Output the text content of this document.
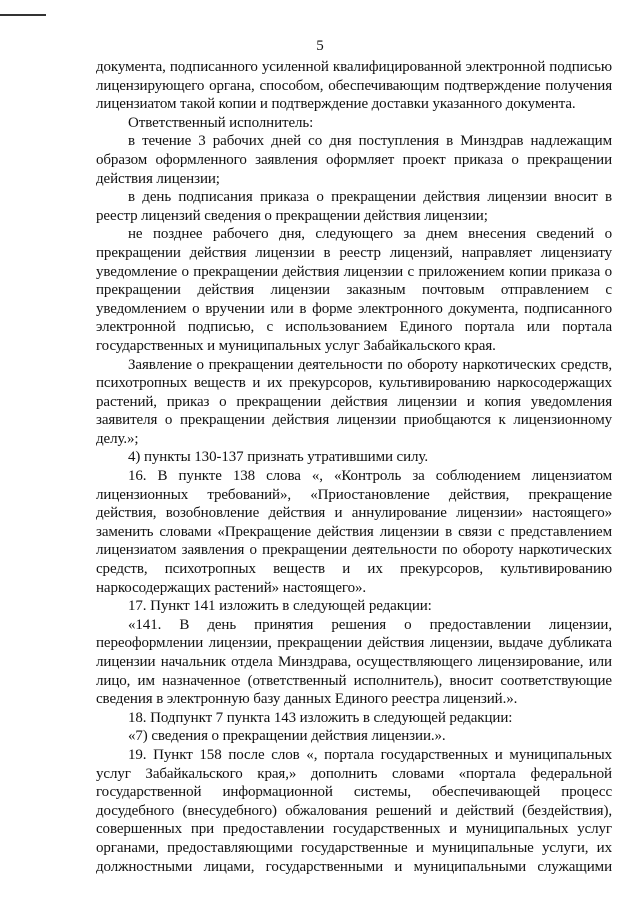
5

документа, подписанного усиленной квалифицированной электронной подписью лицензирующего органа, способом, обеспечивающим подтверждение получения лицензиатом такой копии и подтверждение доставки указанного документа.

Ответственный исполнитель:

в течение 3 рабочих дней со дня поступления в Минздрав надлежащим образом оформленного заявления оформляет проект приказа о прекращении действия лицензии;

в день подписания приказа о прекращении действия лицензии вносит в реестр лицензий сведения о прекращении действия лицензии;

не позднее рабочего дня, следующего за днем внесения сведений о прекращении действия лицензии в реестр лицензий, направляет лицензиату уведомление о прекращении действия лицензии с приложением копии приказа о прекращении действия лицензии заказным почтовым отправлением с уведомлением о вручении или в форме электронного документа, подписанного электронной подписью, с использованием Единого портала или портала государственных и муниципальных услуг Забайкальского края.

Заявление о прекращении деятельности по обороту наркотических средств, психотропных веществ и их прекурсоров, культивированию наркосодержащих растений, приказ о прекращении действия лицензии и копия уведомления заявителя о прекращении действия лицензии приобщаются к лицензионному делу.»;

4) пункты 130-137 признать утратившими силу.

16. В пункте 138 слова «, «Контроль за соблюдением лицензиатом лицензионных требований», «Приостановление действия, прекращение действия, возобновление действия и аннулирование лицензии» настоящего» заменить словами «Прекращение действия лицензии в связи с представлением лицензиатом заявления о прекращении деятельности по обороту наркотических средств, психотропных веществ и их прекурсоров, культивированию наркосодержащих растений» настоящего».

17. Пункт 141 изложить в следующей редакции:

«141. В день принятия решения о предоставлении лицензии, переоформлении лицензии, прекращении действия лицензии, выдаче дубликата лицензии начальник отдела Минздрава, осуществляющего лицензирование, или лицо, им назначенное (ответственный исполнитель), вносит соответствующие сведения в электронную базу данных Единого реестра лицензий.».

18. Подпункт 7 пункта 143 изложить в следующей редакции:

«7) сведения о прекращении действия лицензии.».

19. Пункт 158 после слов «, портала государственных и муниципальных услуг Забайкальского края,» дополнить словами «портала федеральной государственной информационной системы, обеспечивающей процесс досудебного (внесудебного) обжалования решений и действий (бездействия), совершенных при предоставлении государственных и муниципальных услуг органами, предоставляющими государственные и муниципальные услуги, их должностными лицами, государственными и муниципальными служащими
